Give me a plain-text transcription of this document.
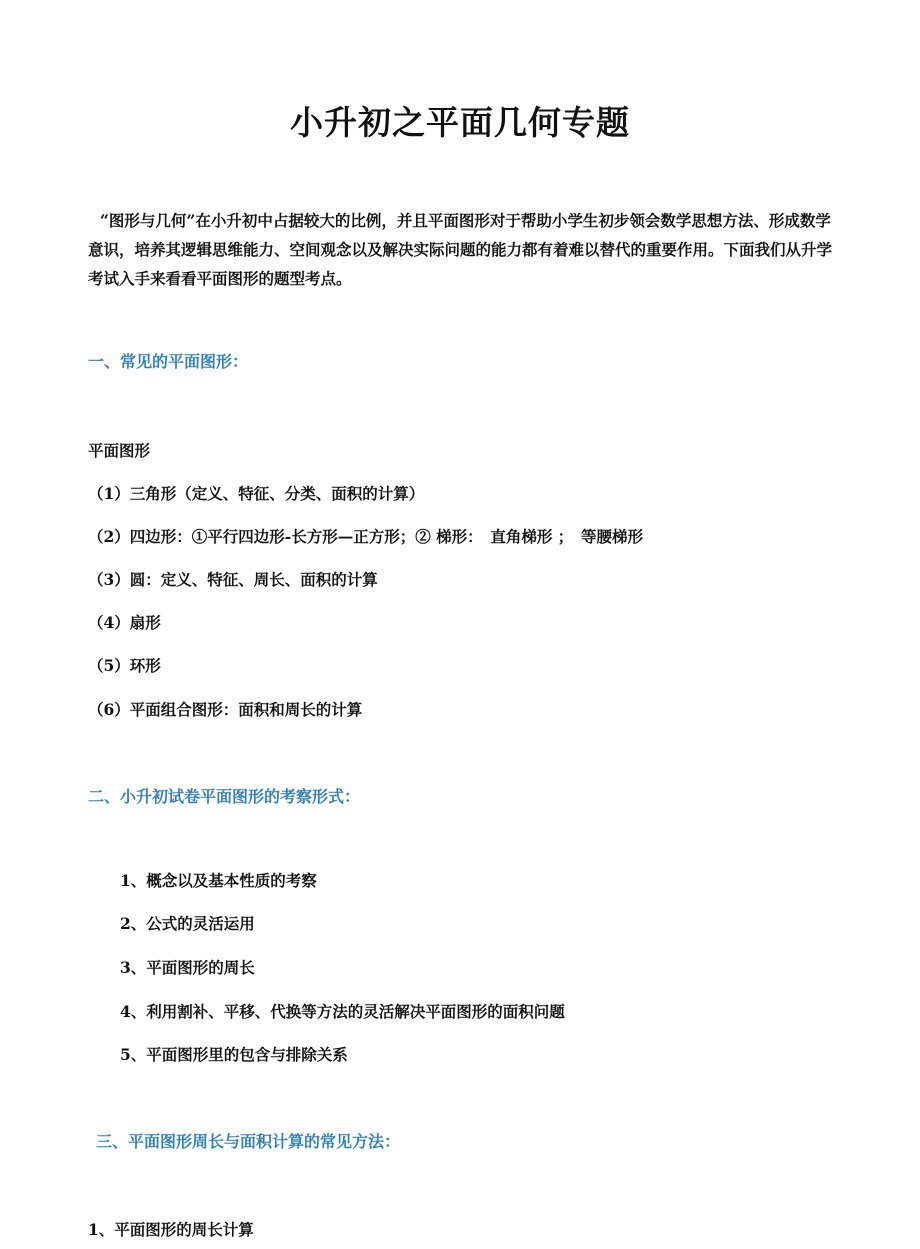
小升初之平面几何专题

“图形与几何”在小升初中占据较大的比例，并且平面图形对于帮助小学生初步领会数学思想方法、形成数学意识，培养其逻辑思维能力、空间观念以及解决实际问题的能力都有着难以替代的重要作用。下面我们从升学考试入手来看看平面图形的题型考点。

一、常见的平面图形：
平面图形
（1）三角形（定义、特征、分类、面积的计算）
（2）四边形：①平行四边形-长方形—正方形；② 梯形：　直角梯形 ；　等腰梯形
（3）圆：定义、特征、周长、面积的计算
（4）扇形
（5）环形
（6）平面组合图形：面积和周长的计算
二、小升初试卷平面图形的考察形式：
1、概念以及基本性质的考察
2、公式的灵活运用
3、平面图形的周长
4、利用割补、平移、代换等方法的灵活解决平面图形的面积问题
5、平面图形里的包含与排除关系
三、平面图形周长与面积计算的常见方法：
1、平面图形的周长计算
